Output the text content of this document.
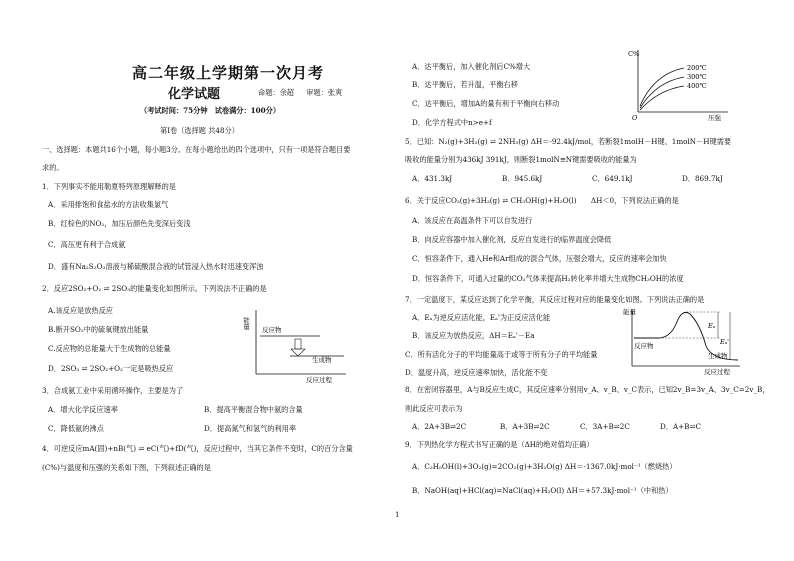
高二年级上学期第一次月考
化学试题	命题：余超 审题：张爽
（考试时间：75分钟　试卷满分：100分）
第Ⅰ卷（选择题 共48分）
一、选择题：本题共16个小题，每小题3分。在每小题给出的四个选项中，只有一项是符合题目要
求的。
1．下列事实不能用勒夏特列原理解释的是
A．采用排饱和食盐水的方法收集氯气
B．红棕色的NO₂，加压后颜色先变深后变浅
C．高压更有利于合成氨
D．盛有Na₂S₂O₃溶液与稀硫酸混合液的试管浸入热水时迅速变浑浊
2．反应2SO₂+O₂ ⇌ 2SO₃的能量变化如图所示。下列说法不正确的是
A.该反应是放热反应
B.断开SO₂中的硫氧键放出能量
C.反应物的总能量大于生成物的总能量
D．2SO₃ ⇌ 2SO₂+O₂一定是吸热反应
能量 反应物
生成物
反应过程
3．合成氨工业中采用循环操作，主要是为了
A．增大化学反应速率	B．提高平衡混合物中氨的含量
C．降低氨的沸点	D．提高氮气和氢气的利用率
4．可逆反应mA(固)+nB(气) ⇌ eC(气)+fD(气)，反应过程中，当其它条件不变时，C的百分含量
(C%)与温度和压强的关系如下图，下列叙述正确的是
A．达平衡后，加入催化剂后C%增大
B．达平衡后，若升温，平衡右移
C．达平衡后，增加A的量有利于平衡向右移动
D．化学方程式中n>e+f
C%
O	压强
200℃
300℃
400℃
5．已知：N₂(g)+3H₂(g) ⇌ 2NH₃(g) ΔH＝-92.4kJ/mol，若断裂1molH－H键、1molN－H键需要
吸收的能量分别为436kJ 391kJ，则断裂1molN≡N键需要吸收的能量为
A．431.3kJ	B．945.6kJ	C．649.1kJ	D．869.7kJ
6．关于反应CO₂(g)+3H₂(g) ⇌ CH₃OH(g)+H₂O(l)　　ΔH＜0，下列说法正确的是
A．该反应在高温条件下可以自发进行
B．向反应容器中加入催化剂，反应自发进行的临界温度会降低
C．恒容条件下，通入He和Ar组成的混合气体，压强会增大，反应的速率会加快
D．恒容条件下，可通入过量的CO₂气体来提高H₂转化率并增大生成物CH₃OH的浓度
7．一定温度下，某反应达到了化学平衡，其反应过程对应的能量变化如图。下列说法正确的是
A．Eₐ为逆反应活化能，Eₐ'为正反应活化能
B．该反应为放热反应，ΔH＝Eₐ'－Ea
C．所有活化分子的平均能量高于或等于所有分子的平均能量
D．温度升高，逆反应速率加快，活化能不变
能量
Eₐ
Eₐ'
反应物
生成物
反应过程
8．在密闭容器里，A与B反应生成C，其反应速率分别用v_A、v_B、v_C表示，已知2v_B=3v_A、3v_C=2v_B，
则此反应可表示为
A．2A+3B⇌2C	B．A+3B⇌2C	C．3A+B⇌2C	D．A+B⇌C
9．下列热化学方程式书写正确的是（ΔH的绝对值均正确）
A．C₂H₅OH(l)+3O₂(g)=2CO₂(g)+3H₂O(g) ΔH＝-1367.0kJ·mol⁻¹（燃烧热）
B．NaOH(aq)+HCl(aq)=NaCl(aq)+H₂O(l) ΔH＝+57.3kJ·mol⁻¹（中和热）
1
